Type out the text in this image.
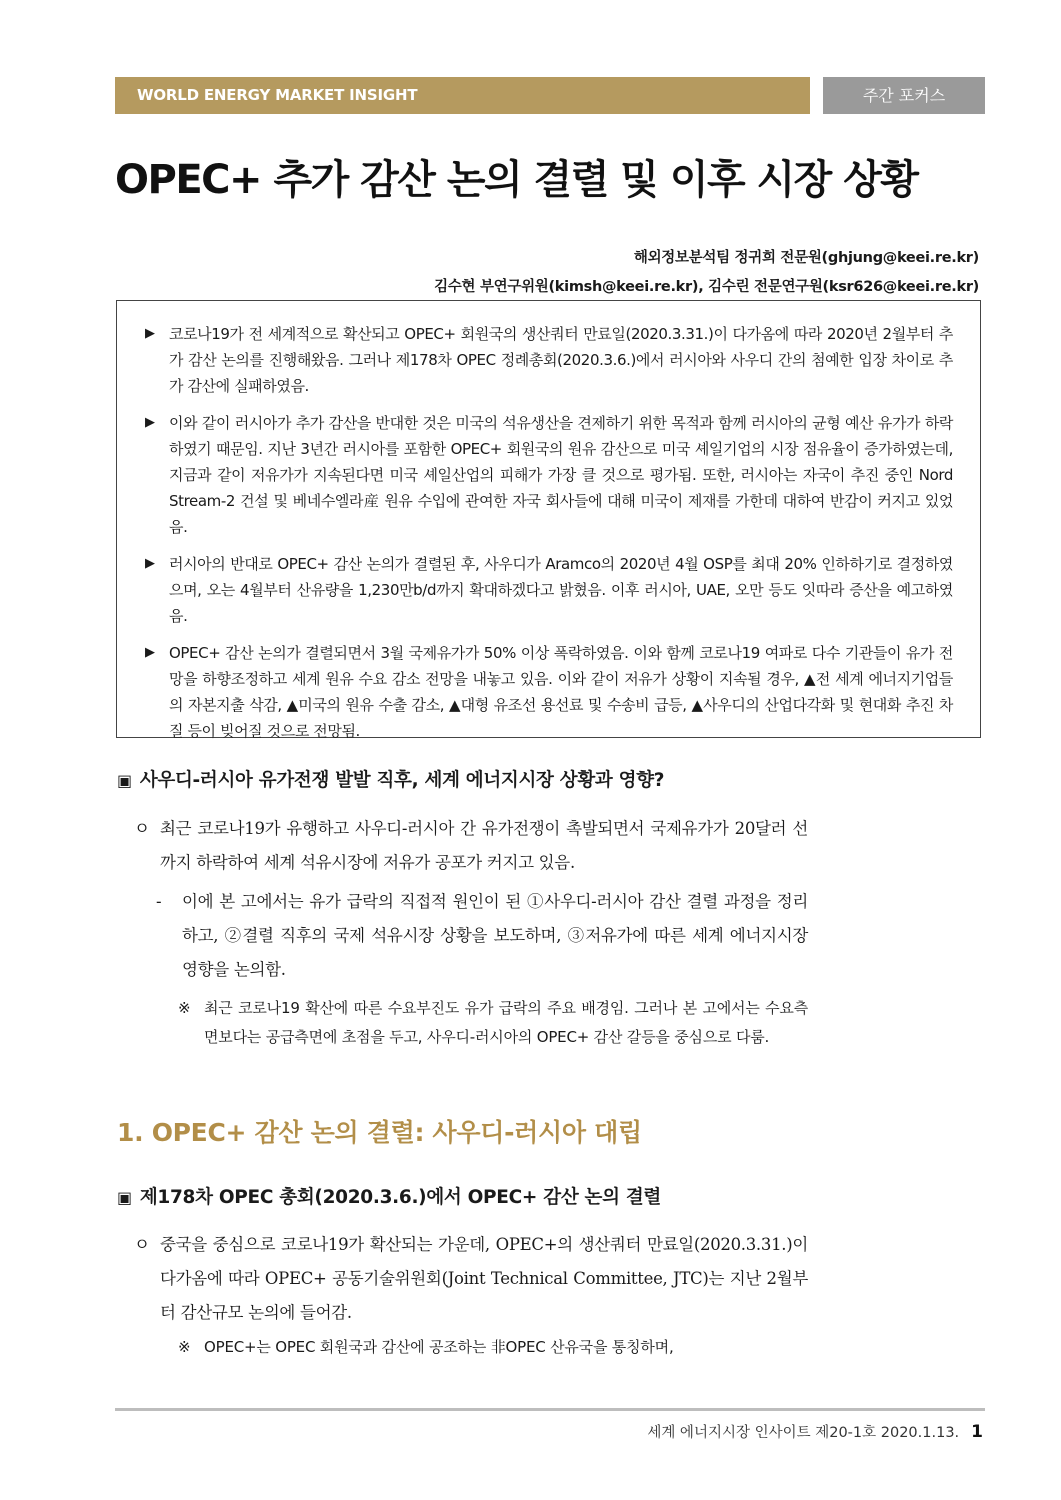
WORLD ENERGY MARKET INSIGHT	주간 포커스
OPEC+ 추가 감산 논의 결렬 및 이후 시장 상황
해외정보분석팀 정귀희 전문원(ghjung@keei.re.kr)
김수현 부연구위원(kimsh@keei.re.kr), 김수린 전문연구원(ksr626@keei.re.kr)
▶ 코로나19가 전 세계적으로 확산되고 OPEC+ 회원국의 생산쿼터 만료일(2020.3.31.)이 다가옴에 따라 2020년 2월부터 추가 감산 논의를 진행해왔음. 그러나 제178차 OPEC 정례총회(2020.3.6.)에서 러시아와 사우디 간의 첨예한 입장 차이로 추가 감산에 실패하였음.
▶ 이와 같이 러시아가 추가 감산을 반대한 것은 미국의 석유생산을 견제하기 위한 목적과 함께 러시아의 균형 예산 유가가 하락하였기 때문임. 지난 3년간 러시아를 포함한 OPEC+ 회원국의 원유 감산으로 미국 셰일기업의 시장 점유율이 증가하였는데, 지금과 같이 저유가가 지속된다면 미국 셰일산업의 피해가 가장 클 것으로 평가됨. 또한, 러시아는 자국이 추진 중인 Nord Stream-2 건설 및 베네수엘라産 원유 수입에 관여한 자국 회사들에 대해 미국이 제재를 가한데 대하여 반감이 커지고 있었음.
▶ 러시아의 반대로 OPEC+ 감산 논의가 결렬된 후, 사우디가 Aramco의 2020년 4월 OSP를 최대 20% 인하하기로 결정하였으며, 오는 4월부터 산유량을 1,230만b/d까지 확대하겠다고 밝혔음. 이후 러시아, UAE, 오만 등도 잇따라 증산을 예고하였음.
▶ OPEC+ 감산 논의가 결렬되면서 3월 국제유가가 50% 이상 폭락하였음. 이와 함께 코로나19 여파로 다수 기관들이 유가 전망을 하향조정하고 세계 원유 수요 감소 전망을 내놓고 있음. 이와 같이 저유가 상황이 지속될 경우, ▲전 세계 에너지기업들의 자본지출 삭감, ▲미국의 원유 수출 감소, ▲대형 유조선 용선료 및 수송비 급등, ▲사우디의 산업다각화 및 현대화 추진 차질 등이 빚어질 것으로 전망됨.
▣ 사우디-러시아 유가전쟁 발발 직후, 세계 에너지시장 상황과 영향?
ㅇ 최근 코로나19가 유행하고 사우디-러시아 간 유가전쟁이 촉발되면서 국제유가가 20달러 선까지 하락하여 세계 석유시장에 저유가 공포가 커지고 있음.
-	이에 본 고에서는 유가 급락의 직접적 원인이 된 ①사우디-러시아 감산 결렬 과정을 정리하고, ②결렬 직후의 국제 석유시장 상황을 보도하며, ③저유가에 따른 세계 에너지시장 영향을 논의함.
※ 최근 코로나19 확산에 따른 수요부진도 유가 급락의 주요 배경임. 그러나 본 고에서는 수요측면보다는 공급측면에 초점을 두고, 사우디-러시아의 OPEC+ 감산 갈등을 중심으로 다룸.
1. OPEC+ 감산 논의 결렬: 사우디-러시아 대립
▣ 제178차 OPEC 총회(2020.3.6.)에서 OPEC+ 감산 논의 결렬
ㅇ 중국을 중심으로 코로나19가 확산되는 가운데, OPEC+의 생산쿼터 만료일(2020.3.31.)이 다가옴에 따라 OPEC+ 공동기술위원회(Joint Technical Committee, JTC)는 지난 2월부터 감산규모 논의에 들어감.
※ OPEC+는 OPEC 회원국과 감산에 공조하는 非OPEC 산유국을 통칭하며,
세계 에너지시장 인사이트 제20-1호 2020.1.13. 1
